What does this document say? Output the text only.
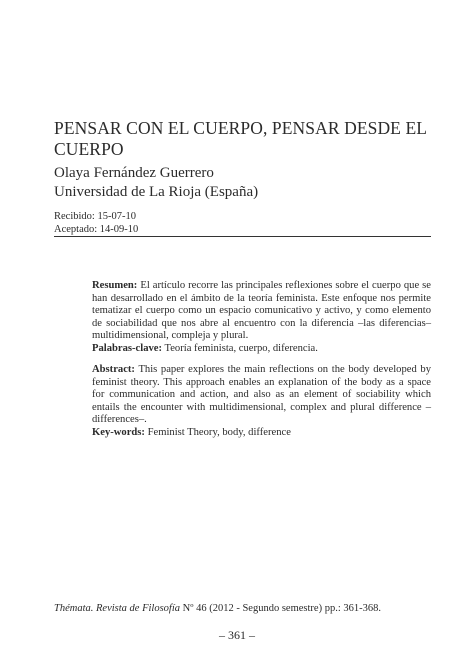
PENSAR CON EL CUERPO, PENSAR DESDE EL CUERPO
Olaya Fernández Guerrero
Universidad de La Rioja (España)
Recibido: 15-07-10
Aceptado: 14-09-10

Resumen: El artículo recorre las principales reflexiones sobre el cuerpo que se han desarrollado en el ámbito de la teoría feminista. Este enfoque nos permite tematizar el cuerpo como un espacio comunicativo y activo, y como elemento de sociabilidad que nos abre al encuentro con la diferencia –las diferencias– multidimensional, compleja y plural.

Palabras-clave: Teoría feminista, cuerpo, diferencia.

Abstract: This paper explores the main reflections on the body developed by feminist theory. This approach enables an explanation of the body as a space for communication and action, and also as an element of sociability which entails the encounter with multidimensional, complex and plural difference –differences–.

Key-words: Feminist Theory, body, difference

Thémata. Revista de Filosofía Nº 46 (2012 - Segundo semestre) pp.: 361-368.
– 361 –
